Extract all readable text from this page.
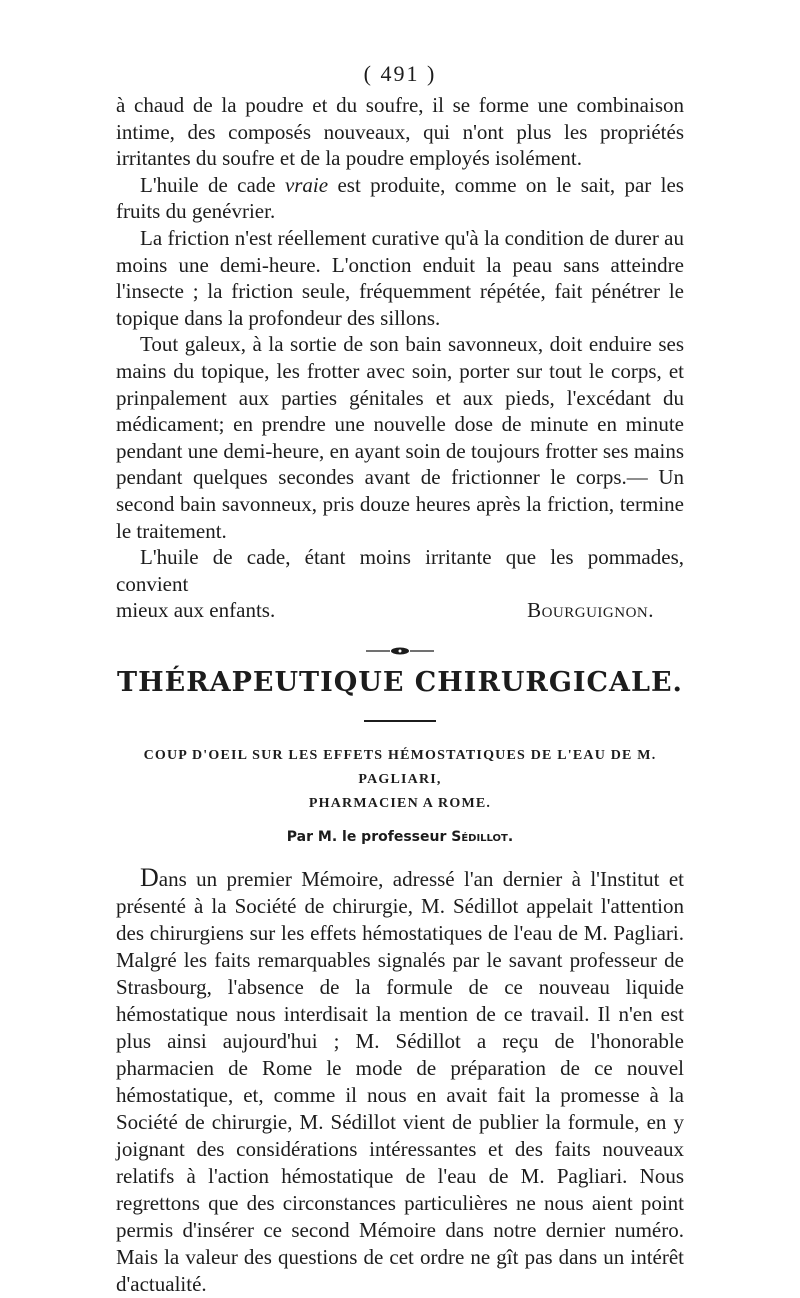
( 491 )

à chaud de la poudre et du soufre, il se forme une combinaison intime, des composés nouveaux, qui n'ont plus les propriétés irritantes du soufre et de la poudre employés isolément.

L'huile de cade vraie est produite, comme on le sait, par les fruits du genévrier.

La friction n'est réellement curative qu'à la condition de durer au moins une demi-heure. L'onction enduit la peau sans atteindre l'insecte ; la friction seule, fréquemment répétée, fait pénétrer le topique dans la profondeur des sillons.

Tout galeux, à la sortie de son bain savonneux, doit enduire ses mains du topique, les frotter avec soin, porter sur tout le corps, et prinpalement aux parties génitales et aux pieds, l'excédant du médicament; en prendre une nouvelle dose de minute en minute pendant une demi-heure, en ayant soin de toujours frotter ses mains pendant quelques secondes avant de frictionner le corps.— Un second bain savonneux, pris douze heures après la friction, termine le traitement.

L'huile de cade, étant moins irritante que les pommades, convient

mieux aux enfants.	Bourguignon.

THÉRAPEUTIQUE CHIRURGICALE.

COUP D'OEIL SUR LES EFFETS HÉMOSTATIQUES DE L'EAU DE M. PAGLIARI,

PHARMACIEN A ROME.

Par M. le professeur Sédillot.

Dans un premier Mémoire, adressé l'an dernier à l'Institut et présenté à la Société de chirurgie, M. Sédillot appelait l'attention des chirurgiens sur les effets hémostatiques de l'eau de M. Pagliari. Malgré les faits remarquables signalés par le savant professeur de Strasbourg, l'absence de la formule de ce nouveau liquide hémostatique nous interdisait la mention de ce travail. Il n'en est plus ainsi aujourd'hui ; M. Sédillot a reçu de l'honorable pharmacien de Rome le mode de préparation de ce nouvel hémostatique, et, comme il nous en avait fait la promesse à la Société de chirurgie, M. Sédillot vient de publier la formule, en y joignant des considérations intéressantes et des faits nouveaux relatifs à l'action hémostatique de l'eau de M. Pagliari. Nous regrettons que des circonstances particulières ne nous aient point permis d'insérer ce second Mémoire dans notre dernier numéro. Mais la valeur des questions de cet ordre ne gît pas dans un intérêt d'actualité.
